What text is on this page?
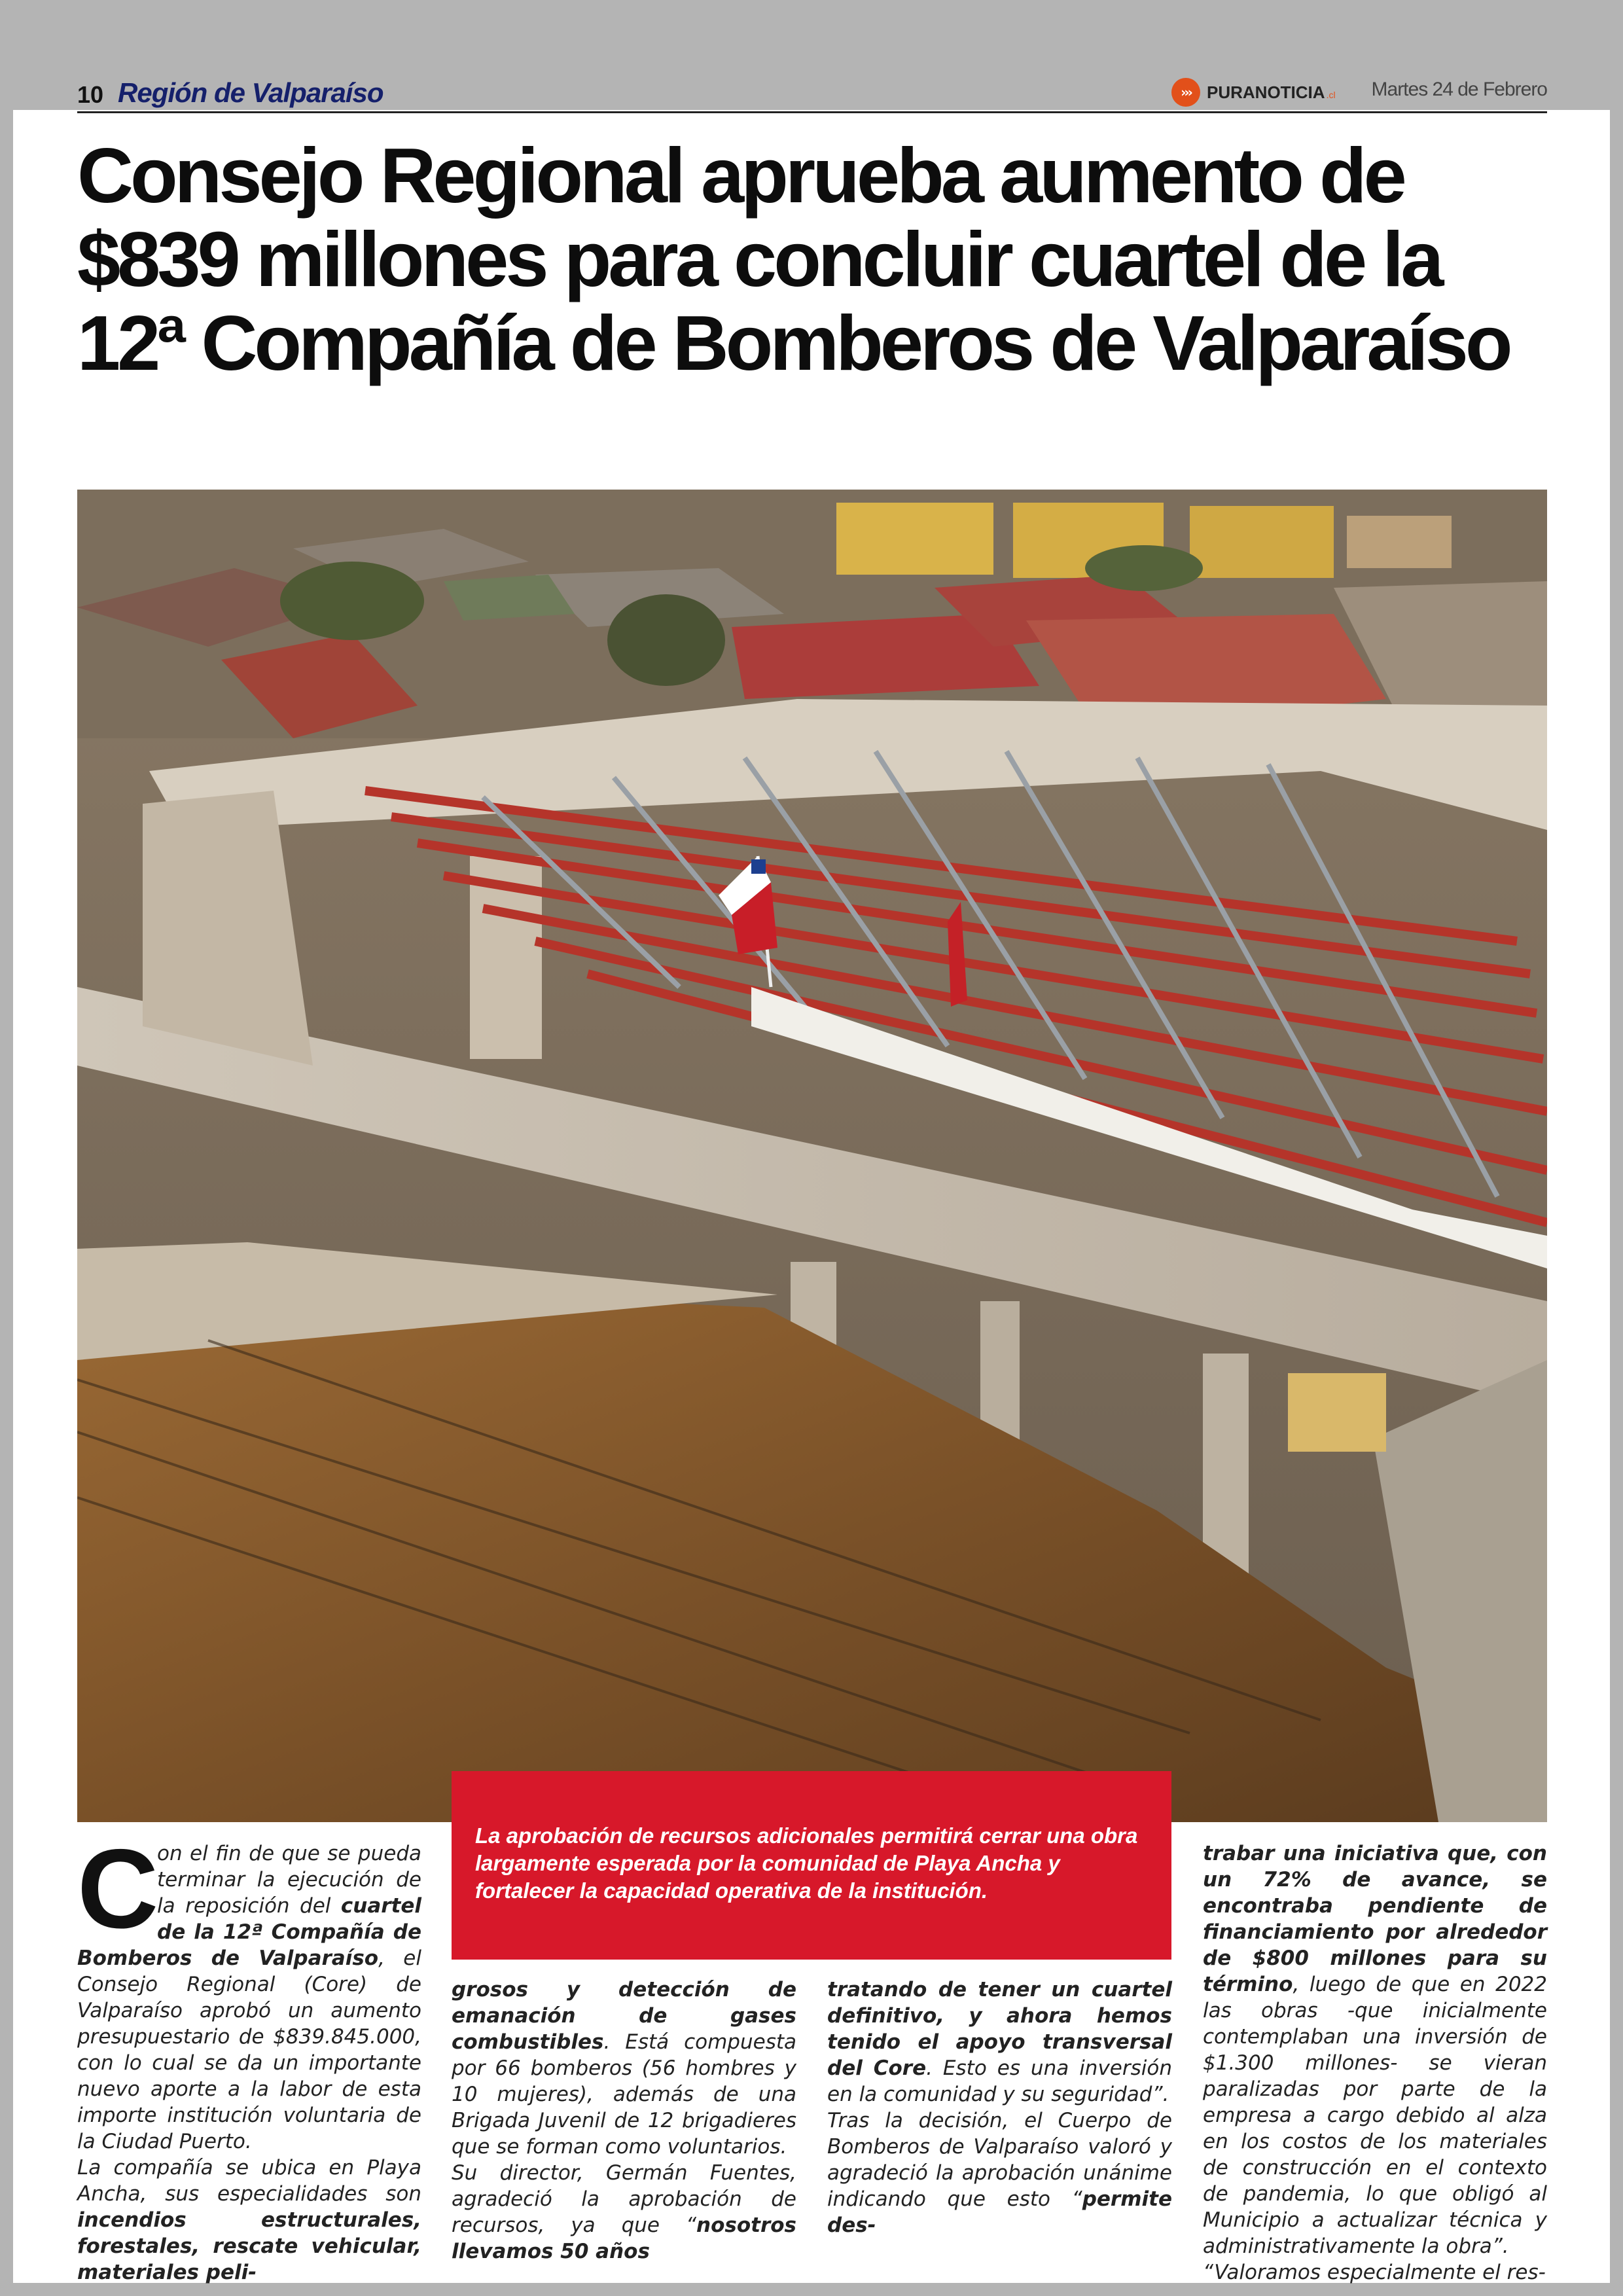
10 Región de Valparaíso	››› PURANOTICIA .cl Martes 24 de Febrero
Consejo Regional aprueba aumento de $839 millones para concluir cuartel de la 12ª Compañía de Bomberos de Valparaíso
La aprobación de recursos adicionales permitirá cerrar una obra largamente esperada por la comunidad de Playa Ancha y fortalecer la capacidad operativa de la institución.
C
on el fin de que se pueda terminar la ejecución de la reposición del cuartel de la 12ª Compañía de Bomberos de Valparaíso, el Consejo Regional (Core) de Valparaíso aprobó un aumento presupuestario de $839.845.000, con lo cual se da un importante nuevo aporte a la labor de esta importe institución voluntaria de la Ciudad Puerto.

La compañía se ubica en Playa Ancha, sus especialidades son incendios estructurales, forestales, rescate vehicular, materiales peli-

grosos y detección de emanación de gases combustibles. Está compuesta por 66 bomberos (56 hombres y 10 mujeres), además de una Brigada Juvenil de 12 brigadieres que se forman como voluntarios.

Su director, Germán Fuentes, agradeció la aprobación de recursos, ya que “nosotros llevamos 50 años

tratando de tener un cuartel definitivo, y ahora hemos tenido el apoyo transversal del Core. Esto es una inversión en la comunidad y su seguridad”.

Tras la decisión, el Cuerpo de Bomberos de Valparaíso valoró y agradeció la aprobación unánime indicando que esto “permite des-

trabar una iniciativa que, con un 72% de avance, se encontraba pendiente de financiamiento por alrededor de $800 millones para su término, luego de que en 2022 las obras -que inicialmente contemplaban una inversión de $1.300 millones- se vieran paralizadas por parte de la empresa a cargo debido al alza en los costos de los materiales de construcción en el contexto de pandemia, lo que obligó al Municipio a actualizar técnica y administrativamente la obra”.

“Valoramos especialmente el res-
